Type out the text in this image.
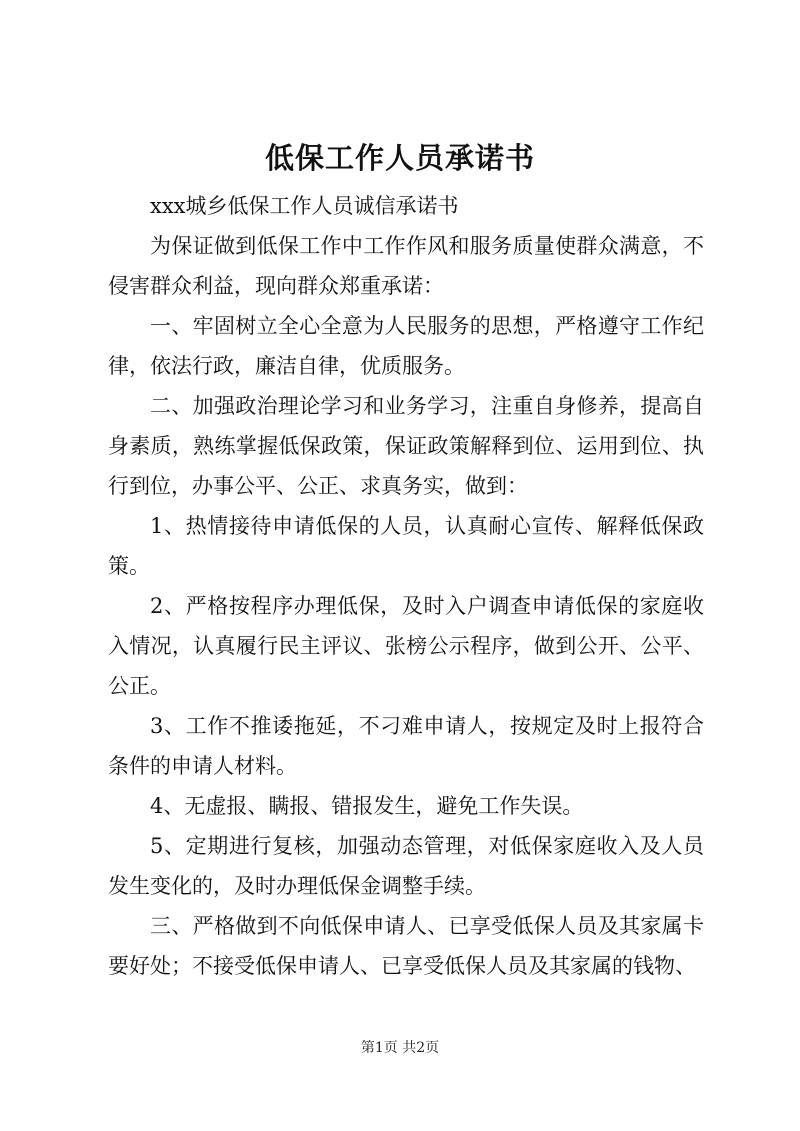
低保工作人员承诺书

xxx城乡低保工作人员诚信承诺书

为保证做到低保工作中工作作风和服务质量使群众满意，不侵害群众利益，现向群众郑重承诺：

一、牢固树立全心全意为人民服务的思想，严格遵守工作纪律，依法行政，廉洁自律，优质服务。

二、加强政治理论学习和业务学习，注重自身修养，提高自身素质，熟练掌握低保政策，保证政策解释到位、运用到位、执行到位，办事公平、公正、求真务实，做到：

1、热情接待申请低保的人员，认真耐心宣传、解释低保政策。

2、严格按程序办理低保，及时入户调查申请低保的家庭收入情况，认真履行民主评议、张榜公示程序，做到公开、公平、公正。

3、工作不推诿拖延，不刁难申请人，按规定及时上报符合条件的申请人材料。

4、无虚报、瞒报、错报发生，避免工作失误。

5、定期进行复核，加强动态管理，对低保家庭收入及人员发生变化的，及时办理低保金调整手续。

三、严格做到不向低保申请人、已享受低保人员及其家属卡要好处；不接受低保申请人、已享受低保人员及其家属的钱物、

第1页 共2页
